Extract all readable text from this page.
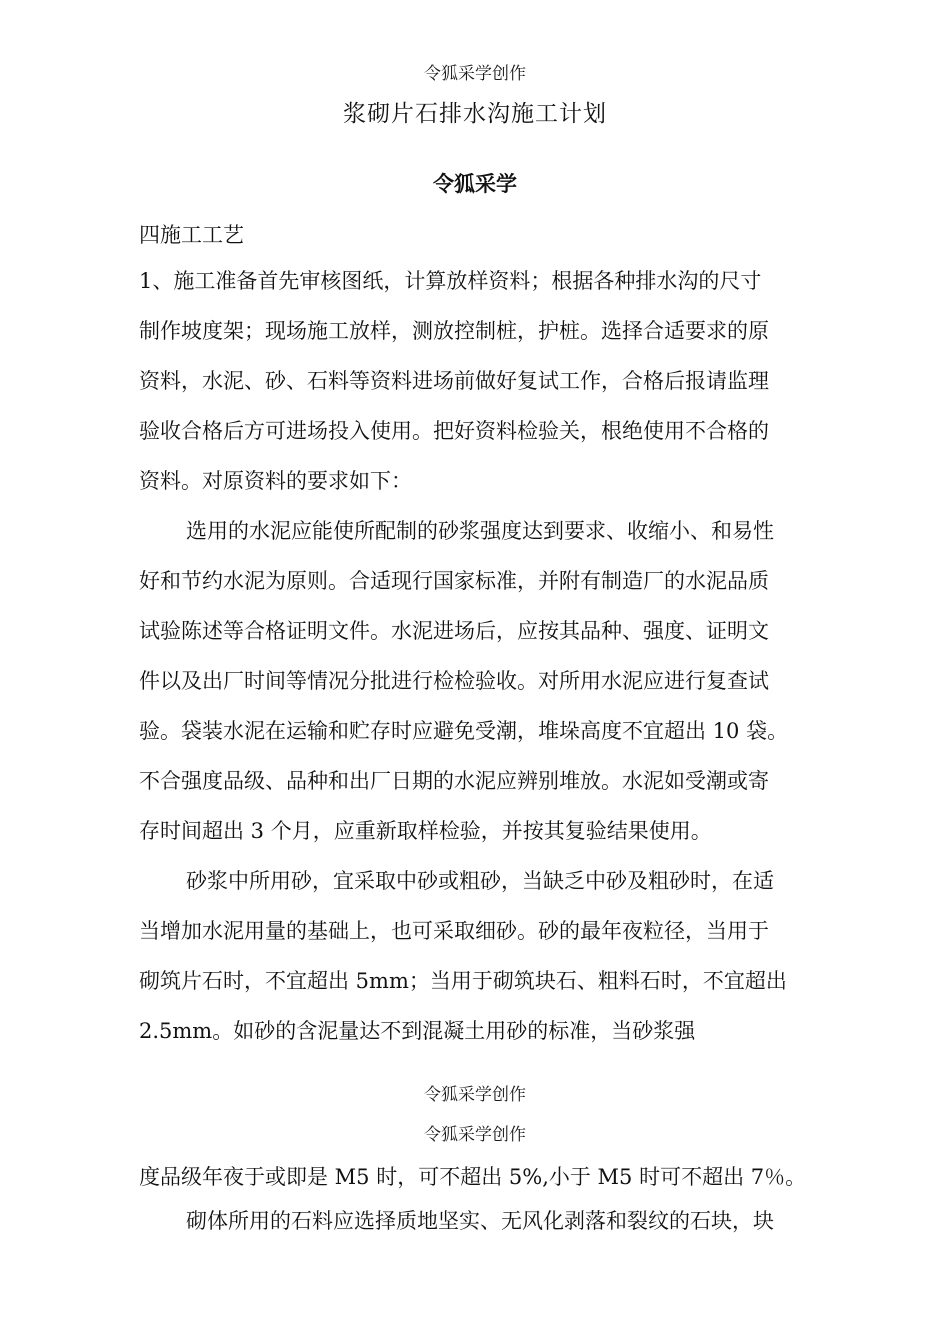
令狐采学创作
浆砌片石排水沟施工计划
令狐采学
四施工工艺
1、施工准备首先审核图纸，计算放样资料；根据各种排水沟的尺寸
制作坡度架；现场施工放样，测放控制桩，护桩。选择合适要求的原
资料，水泥、砂、石料等资料进场前做好复试工作，合格后报请监理
验收合格后方可进场投入使用。把好资料检验关，根绝使用不合格的
资料。对原资料的要求如下：
选用的水泥应能使所配制的砂浆强度达到要求、收缩小、和易性
好和节约水泥为原则。合适现行国家标准，并附有制造厂的水泥品质
试验陈述等合格证明文件。水泥进场后，应按其品种、强度、证明文
件以及出厂时间等情况分批进行检检验收。对所用水泥应进行复查试
验。袋装水泥在运输和贮存时应避免受潮，堆垛高度不宜超出 10 袋。
不合强度品级、品种和出厂日期的水泥应辨别堆放。水泥如受潮或寄
存时间超出 3 个月，应重新取样检验，并按其复验结果使用。
砂浆中所用砂，宜采取中砂或粗砂，当缺乏中砂及粗砂时，在适
当增加水泥用量的基础上，也可采取细砂。砂的最年夜粒径，当用于
砌筑片石时，不宜超出 5mm；当用于砌筑块石、粗料石时，不宜超出
2.5mm。如砂的含泥量达不到混凝土用砂的标准，当砂浆强
令狐采学创作
令狐采学创作
度品级年夜于或即是 M5 时，可不超出 5%,小于 M5 时可不超出 7％。
砌体所用的石料应选择质地坚实、无风化剥落和裂纹的石块，块
